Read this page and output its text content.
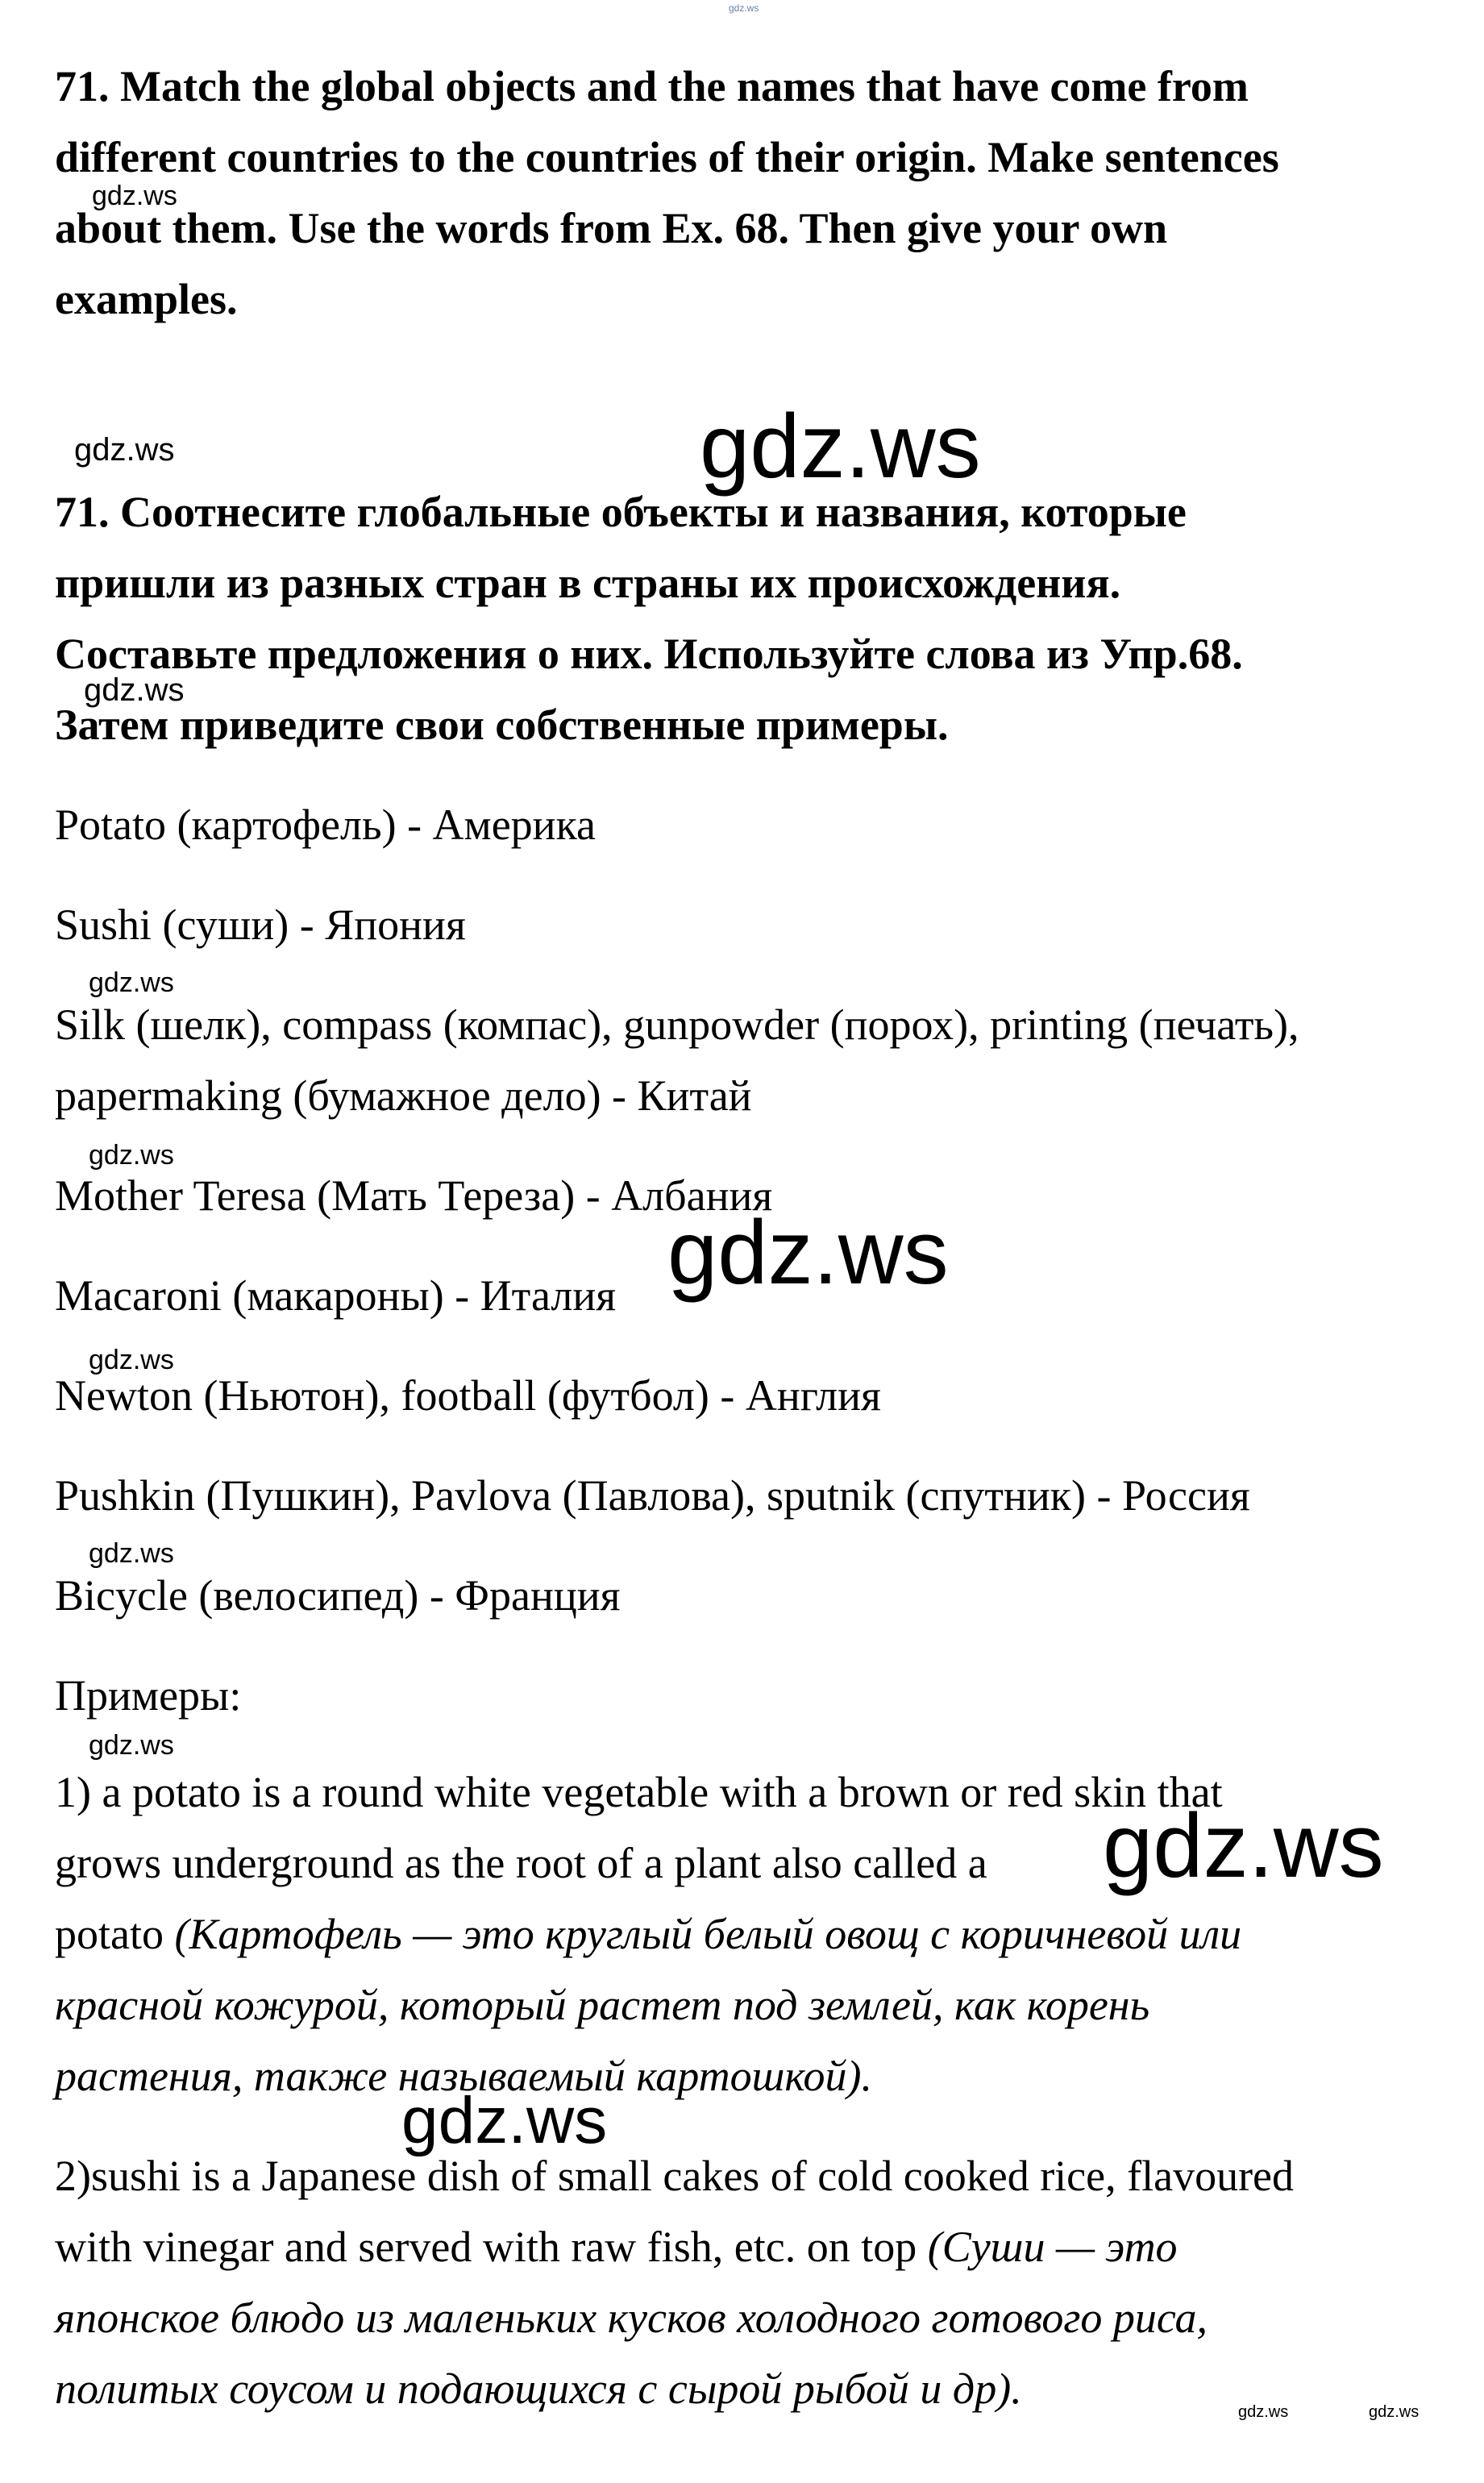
gdz.ws
71. Match the global objects and the names that have come from
different countries to the countries of their origin. Make sentences
gdz.ws
about them. Use the words from Ex. 68. Then give your own
examples.
gdz.ws	gdz.ws
71. Соотнесите глобальные объекты и названия, которые
пришли из разных стран в страны их происхождения.
Составьте предложения о них. Используйте слова из Упр.68.
gdz.ws
Затем приведите свои собственные примеры.
Potato (картофель) - Америка
Sushi (суши) - Япония
gdz.ws
Silk (шелк), compass (компас), gunpowder (порох), printing (печать),
papermaking (бумажное дело) - Китай
gdz.ws
Mother Teresa (Мать Тереза) - Албания
Macaroni (макароны) - Италия gdz.ws
gdz.ws
Newton (Ньютон), football (футбол) - Англия
Pushkin (Пушкин), Pavlova (Павлова), sputnik (спутник) - Россия
gdz.ws
Bicycle (велосипед) - Франция
Примеры:
gdz.ws
1) a potato is a round white vegetable with a brown or red skin that
grows underground as the root of a plant also called a gdz.ws
potato (Картофель — это круглый белый овощ с коричневой или
красной кожурой, который растет под землей, как корень
растения, также называемый картошкой).
gdz.ws
2)sushi is a Japanese dish of small cakes of cold cooked rice, flavoured
with vinegar and served with raw fish, etc. on top (Суши — это
японское блюдо из маленьких кусков холодного готового риса,
политых соусом и подающихся с сырой рыбой и др).	gdz.ws	gdz.ws
